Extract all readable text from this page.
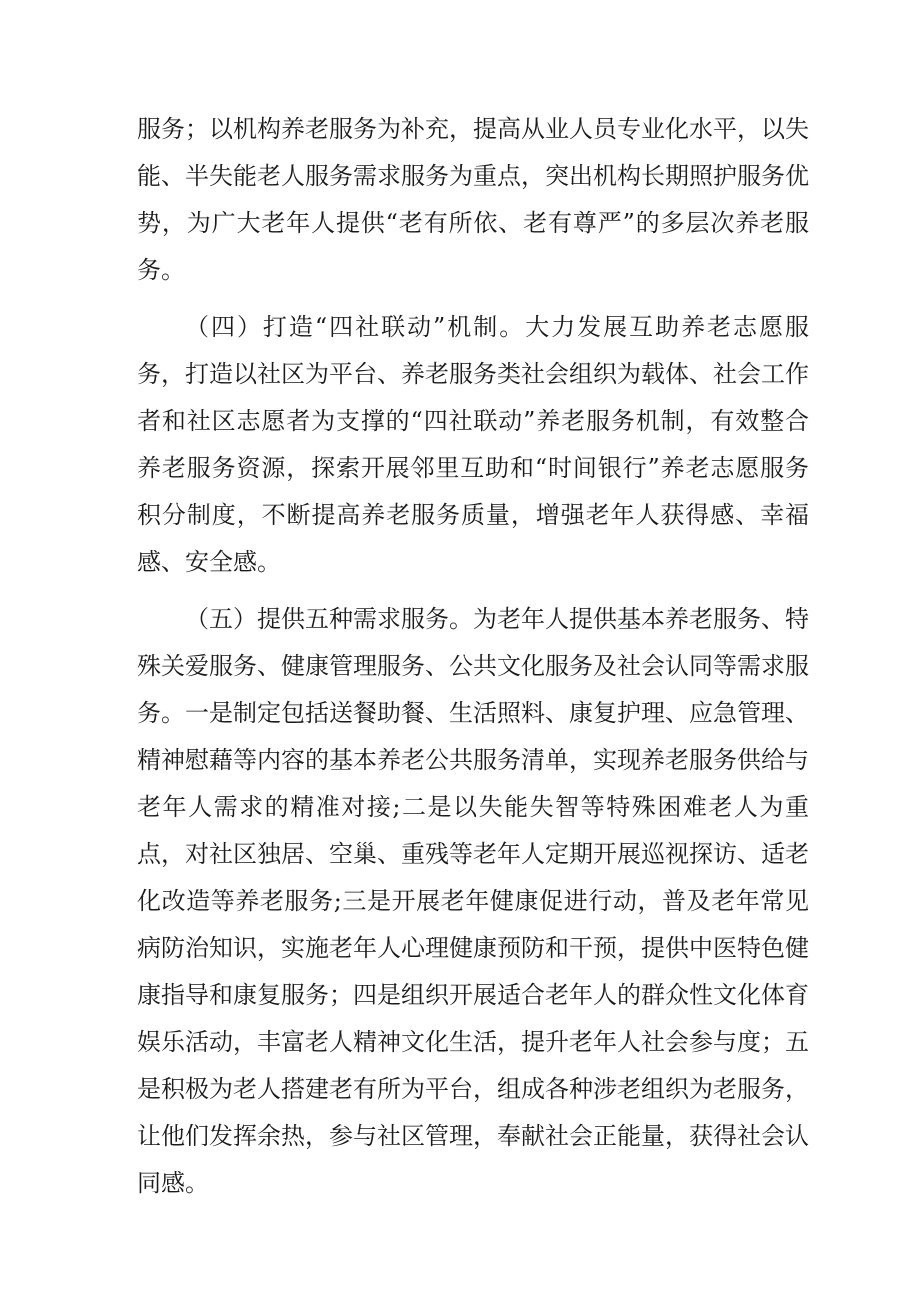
服务；以机构养老服务为补充，提高从业人员专业化水平，以失能、半失能老人服务需求服务为重点，突出机构长期照护服务优势，为广大老年人提供“老有所依、老有尊严”的多层次养老服务。

（四）打造“四社联动”机制。大力发展互助养老志愿服务，打造以社区为平台、养老服务类社会组织为载体、社会工作者和社区志愿者为支撑的“四社联动”养老服务机制，有效整合养老服务资源，探索开展邻里互助和“时间银行”养老志愿服务积分制度，不断提高养老服务质量，增强老年人获得感、幸福感、安全感。

（五）提供五种需求服务。为老年人提供基本养老服务、特殊关爱服务、健康管理服务、公共文化服务及社会认同等需求服务。一是制定包括送餐助餐、生活照料、康复护理、应急管理、精神慰藉等内容的基本养老公共服务清单，实现养老服务供给与老年人需求的精准对接;二是以失能失智等特殊困难老人为重点，对社区独居、空巢、重残等老年人定期开展巡视探访、适老化改造等养老服务;三是开展老年健康促进行动，普及老年常见病防治知识，实施老年人心理健康预防和干预，提供中医特色健康指导和康复服务；四是组织开展适合老年人的群众性文化体育娱乐活动，丰富老人精神文化生活，提升老年人社会参与度；五是积极为老人搭建老有所为平台，组成各种涉老组织为老服务，让他们发挥余热，参与社区管理，奉献社会正能量，获得社会认同感。
